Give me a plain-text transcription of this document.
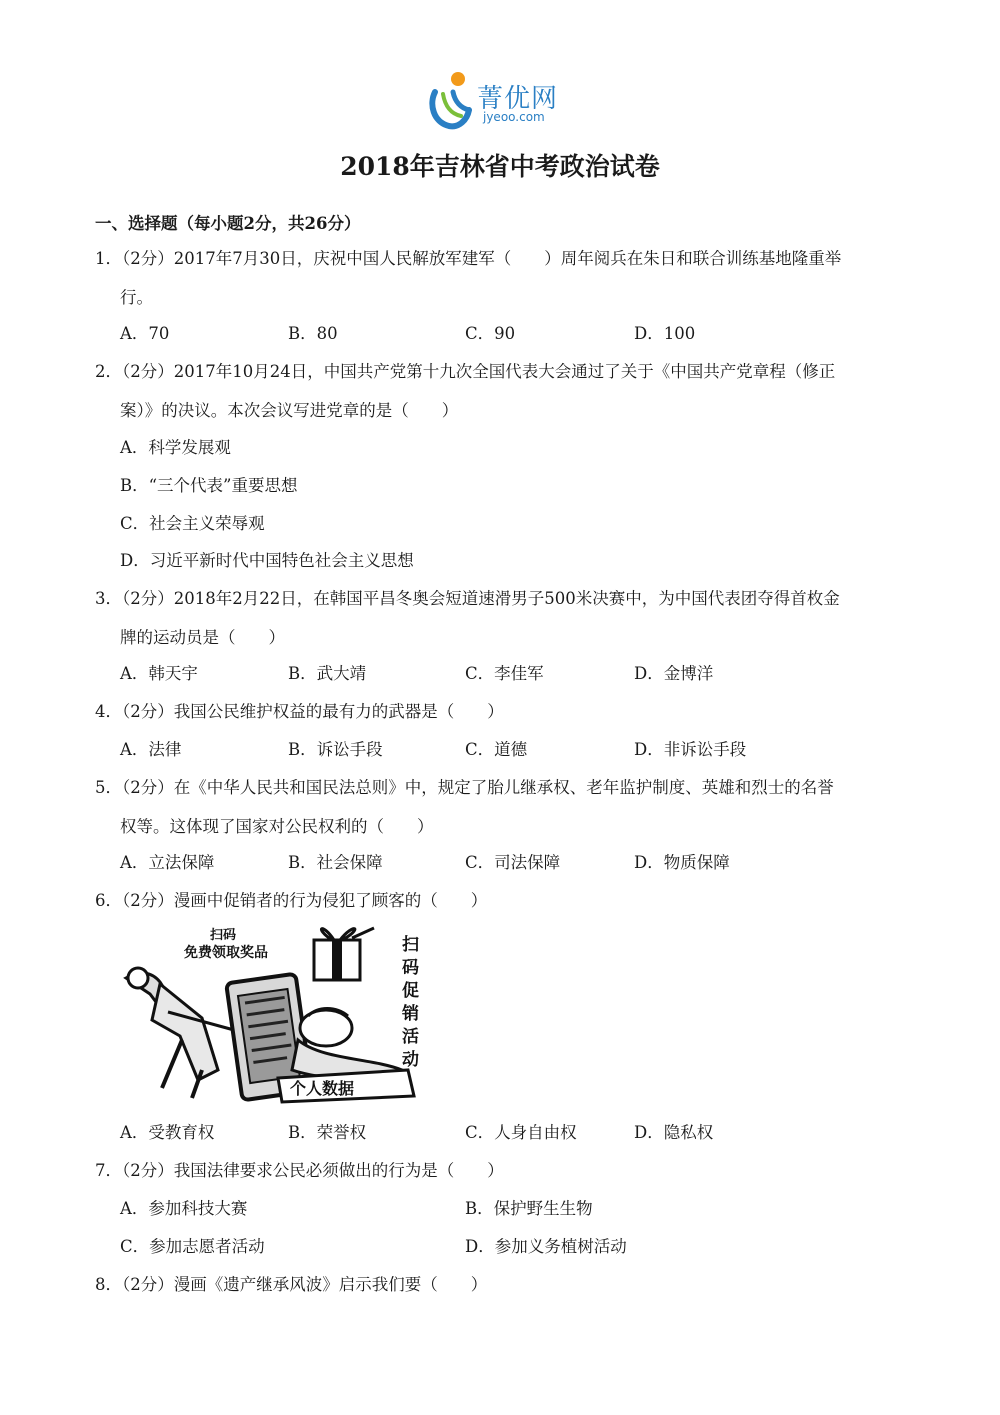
菁优网
jyeoo.com
2018年吉林省中考政治试卷
一、选择题（每小题2分，共26分）
1．（2分）2017年7月30日，庆祝中国人民解放军建军（　　）周年阅兵在朱日和联合训练基地隆重举
行。
A．70	B．80	C．90	D．100
2．（2分）2017年10月24日，中国共产党第十九次全国代表大会通过了关于《中国共产党章程（修正
案）》的决议。本次会议写进党章的是（　　）
A．科学发展观
B．“三个代表”重要思想
C．社会主义荣辱观
D．习近平新时代中国特色社会主义思想
3．（2分）2018年2月22日，在韩国平昌冬奥会短道速滑男子500米决赛中，为中国代表团夺得首枚金
牌的运动员是（　　）
A．韩天宇	B．武大靖	C．李佳军	D．金博洋
4．（2分）我国公民维护权益的最有力的武器是（　　）
A．法律	B．诉讼手段	C．道德	D．非诉讼手段
5．（2分）在《中华人民共和国民法总则》中，规定了胎儿继承权、老年监护制度、英雄和烈士的名誉
权等。这体现了国家对公民权利的（　　）
A．立法保障	B．社会保障	C．司法保障	D．物质保障
6．（2分）漫画中促销者的行为侵犯了顾客的（　　）
扫码
免费领取奖品	扫码促销活动
个人数据
A．受教育权	B．荣誉权	C．人身自由权	D．隐私权
7．（2分）我国法律要求公民必须做出的行为是（　　）
A．参加科技大赛	B．保护野生生物
C．参加志愿者活动	D．参加义务植树活动
8．（2分）漫画《遗产继承风波》启示我们要（　　）
